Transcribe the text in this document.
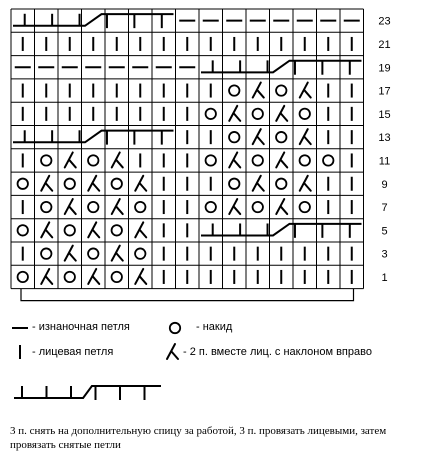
23
21
19
17
15
13
11
9
7
5
3
1
- изнаночная петля	- накид
- лицевая петля	- 2 п. вместе лиц. с наклоном вправо
3 п. снять на дополнительную спицу за работой, 3 п. провязать лицевыми, затем провязать снятые петли
